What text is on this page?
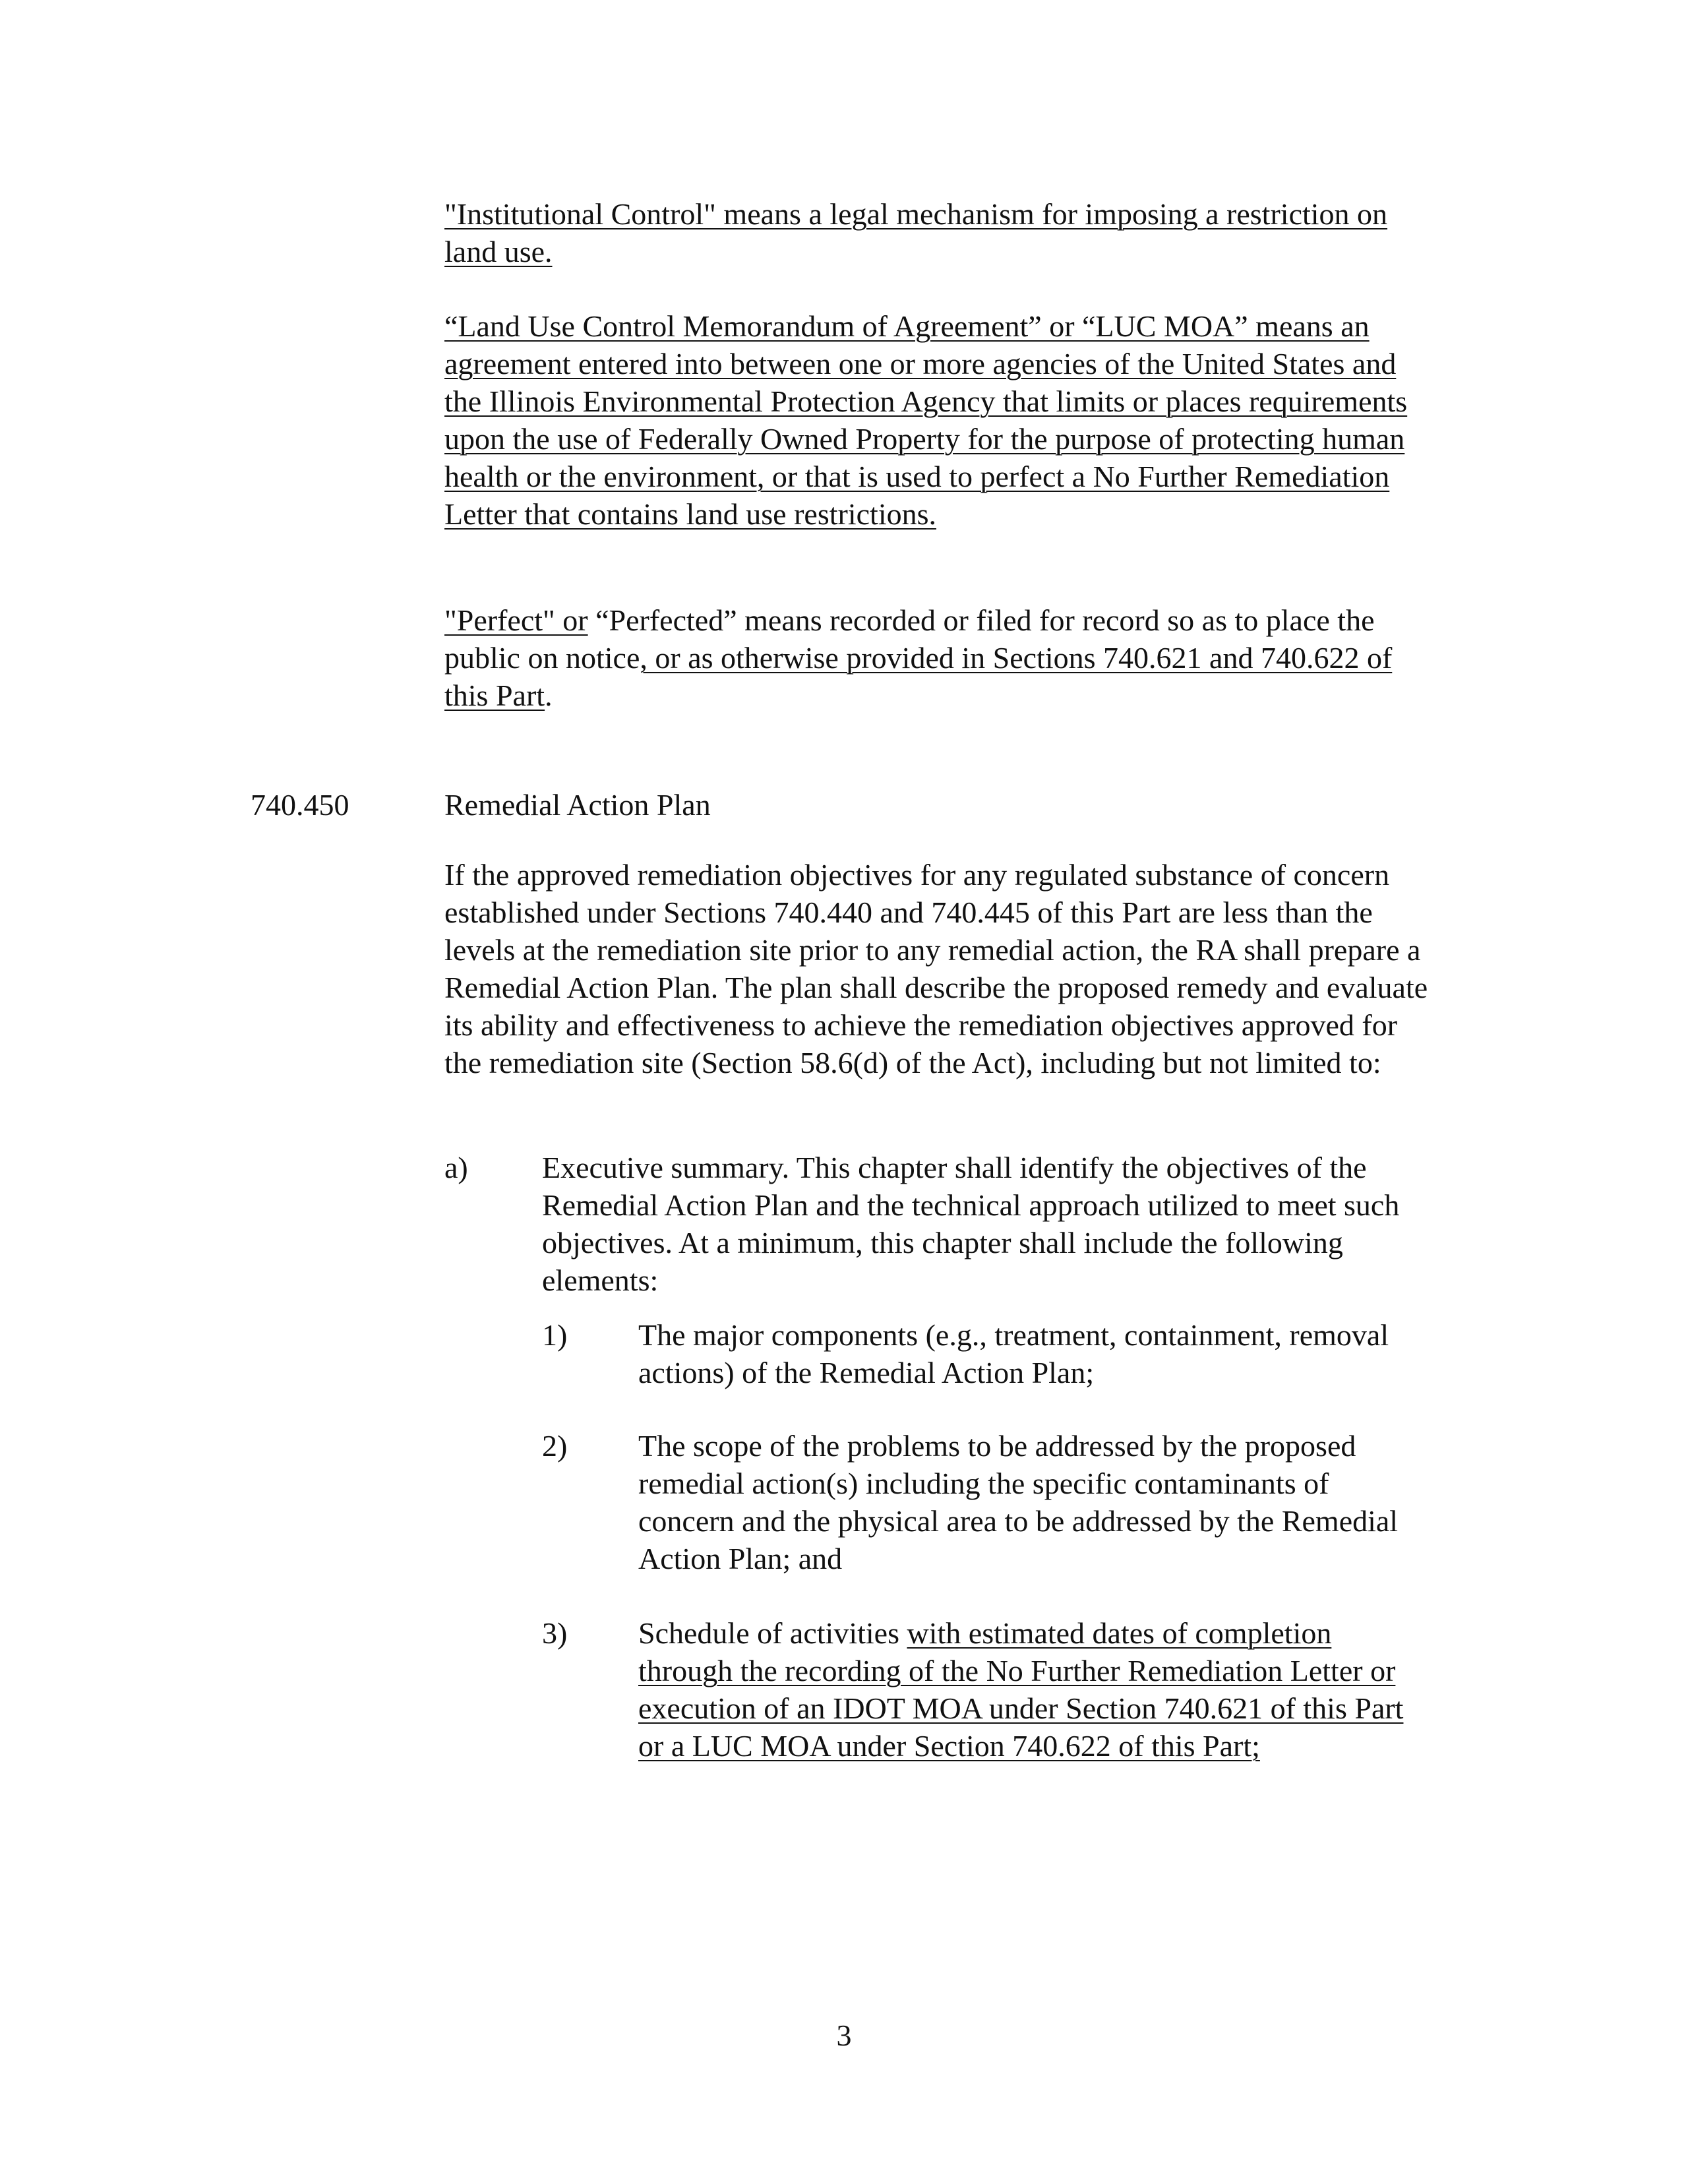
"Institutional Control" means a legal mechanism for imposing a restriction on land use.

“Land Use Control Memorandum of Agreement” or “LUC MOA” means an agreement entered into between one or more agencies of the United States and the Illinois Environmental Protection Agency that limits or places requirements upon the use of Federally Owned Property for the purpose of protecting human health or the environment, or that is used to perfect a No Further Remediation Letter that contains land use restrictions.

"Perfect" or “Perfected” means recorded or filed for record so as to place the public on notice, or as otherwise provided in Sections 740.621 and 740.622 of this Part.

740.450	Remedial Action Plan

If the approved remediation objectives for any regulated substance of concern established under Sections 740.440 and 740.445 of this Part are less than the levels at the remediation site prior to any remedial action, the RA shall prepare a Remedial Action Plan. The plan shall describe the proposed remedy and evaluate its ability and effectiveness to achieve the remediation objectives approved for the remediation site (Section 58.6(d) of the Act), including but not limited to:

a) Executive summary. This chapter shall identify the objectives of the Remedial Action Plan and the technical approach utilized to meet such objectives. At a minimum, this chapter shall include the following elements:

1) The major components (e.g., treatment, containment, removal actions) of the Remedial Action Plan;

2) The scope of the problems to be addressed by the proposed remedial action(s) including the specific contaminants of concern and the physical area to be addressed by the Remedial Action Plan; and

3) Schedule of activities with estimated dates of completion through the recording of the No Further Remediation Letter or execution of an IDOT MOA under Section 740.621 of this Part or a LUC MOA under Section 740.622 of this Part;

3
